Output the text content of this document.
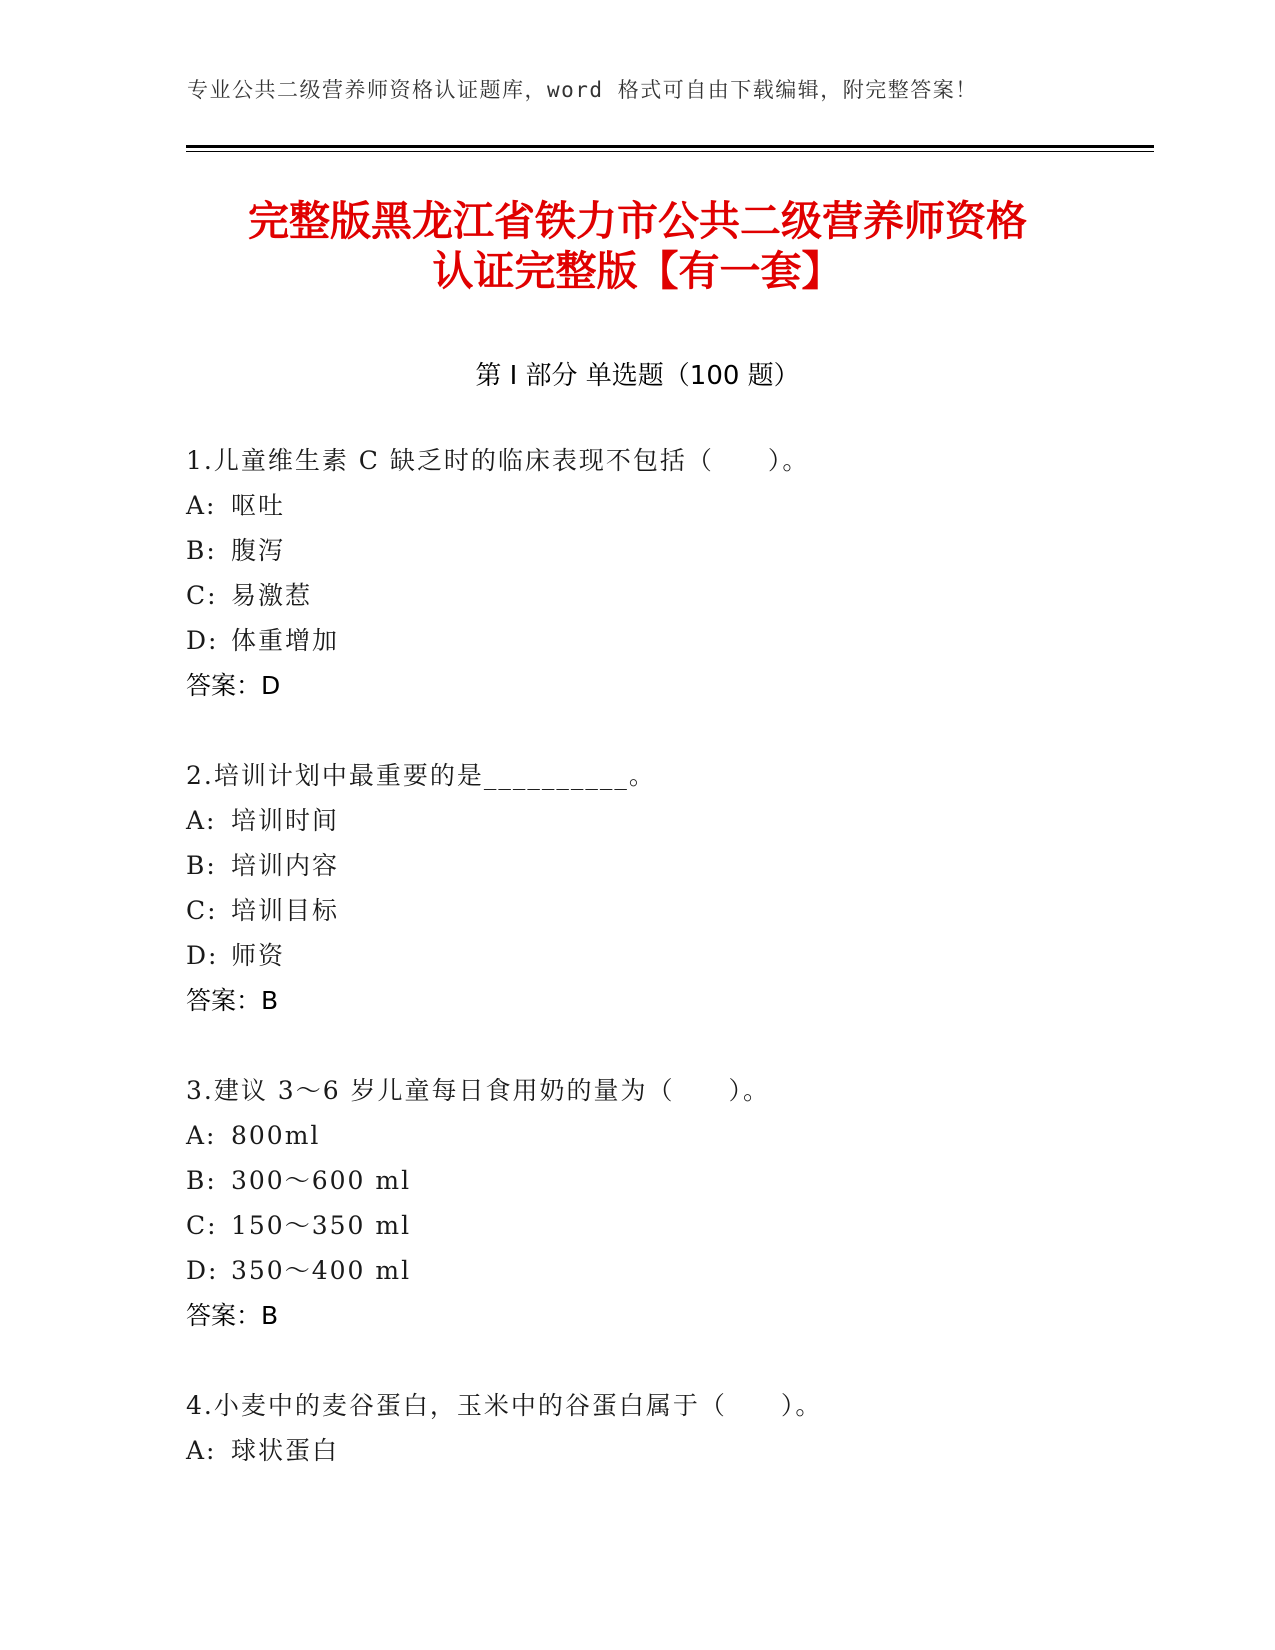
专业公共二级营养师资格认证题库，word 格式可自由下载编辑，附完整答案！
完整版黑龙江省铁力市公共二级营养师资格
认证完整版【有一套】
第 I 部分 单选题（100 题）
1.儿童维生素 C 缺乏时的临床表现不包括（　　）。
A: 呕吐
B: 腹泻
C: 易激惹
D: 体重增加
答案：D
2.培训计划中最重要的是__________。
A: 培训时间
B: 培训内容
C: 培训目标
D: 师资
答案：B
3.建议 3～6 岁儿童每日食用奶的量为（　　）。
A: 800ml
B: 300～600 ml
C: 150～350 ml
D: 350～400 ml
答案：B
4.小麦中的麦谷蛋白，玉米中的谷蛋白属于（　　）。
A: 球状蛋白
